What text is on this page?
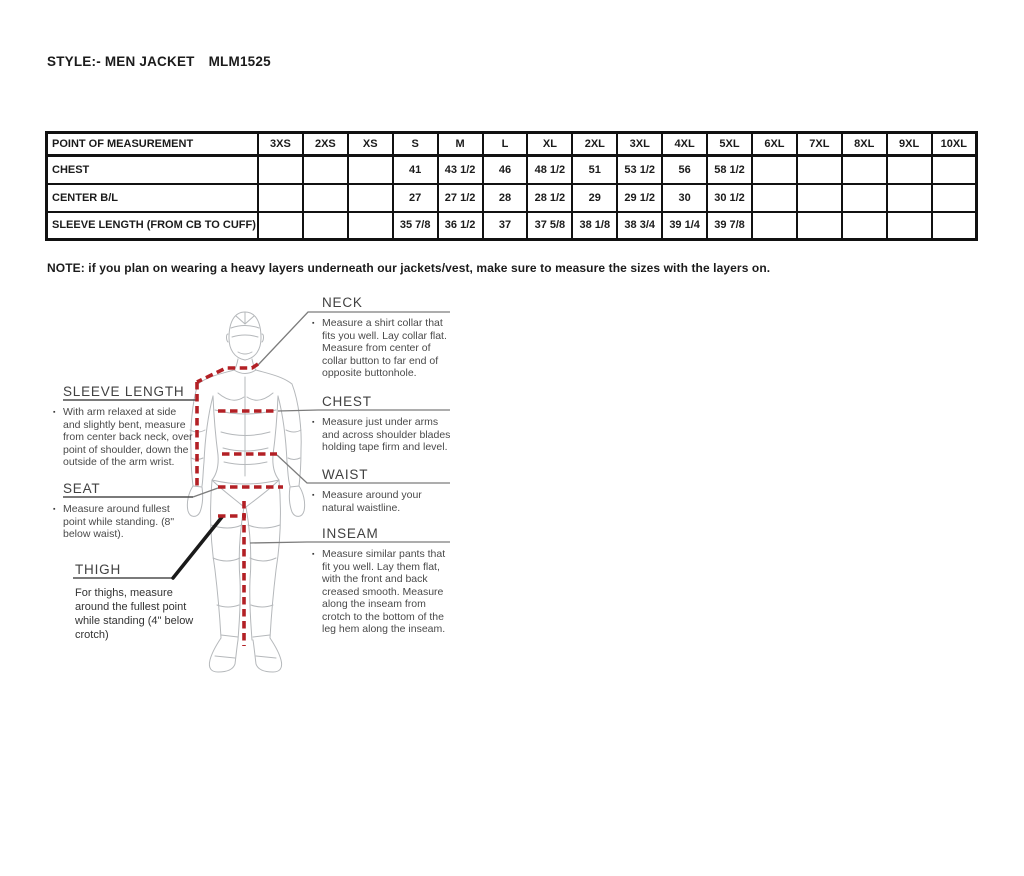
STYLE:- MEN JACKET MLM1525
POINT OF MEASUREMENT	3XS	2XS	XS	S	M	L	XL	2XL	3XL	4XL	5XL	6XL	7XL	8XL	9XL	10XL
CHEST				41	43 1/2	46	48 1/2	51	53 1/2	56	58 1/2					
CENTER B/L				27	27 1/2	28	28 1/2	29	29 1/2	30	30 1/2					
SLEEVE LENGTH (FROM CB TO CUFF)				35 7/8	36 1/2	37	37 5/8	38 1/8	38 3/4	39 1/4	39 7/8					
NOTE: if you plan on wearing a heavy layers underneath our jackets/vest, make sure to measure the sizes with the layers on.
NECK
▪ Measure a shirt collar that fits you well. Lay collar flat. Measure from center of collar button to far end of opposite buttonhole.
CHEST
▪ Measure just under arms and across shoulder blades holding tape firm and level.
WAIST
▪ Measure around your natural waistline.
INSEAM
▪ Measure similar pants that fit you well. Lay them flat, with the front and back creased smooth. Measure along the inseam from crotch to the bottom of the leg hem along the inseam.
SLEEVE LENGTH
▪ With arm relaxed at side and slightly bent, measure from center back neck, over point of shoulder, down the outside of the arm wrist.
SEAT
▪ Measure around fullest point while standing. (8" below waist).
THIGH
For thighs, measure around the fullest point while standing (4" below crotch)
